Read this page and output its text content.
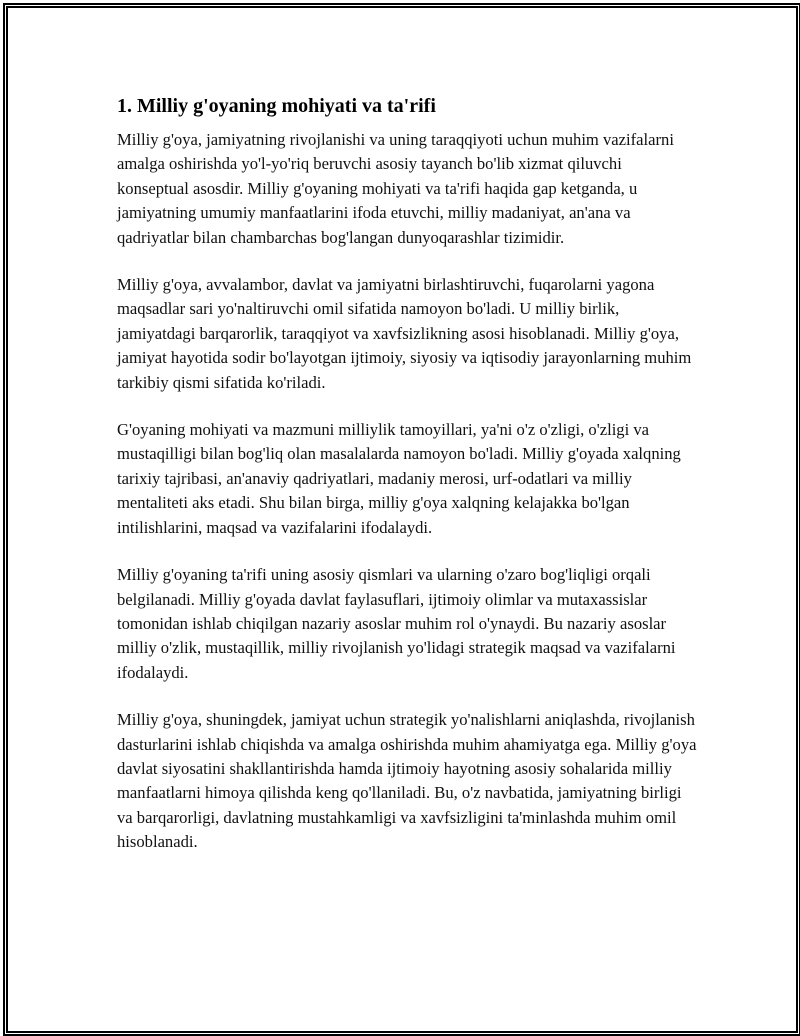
1. Milliy g'oyaning mohiyati va ta'rifi

Milliy g'oya, jamiyatning rivojlanishi va uning taraqqiyoti uchun muhim vazifalarni amalga oshirishda yo'l-yo'riq beruvchi asosiy tayanch bo'lib xizmat qiluvchi konseptual asosdir. Milliy g'oyaning mohiyati va ta'rifi haqida gap ketganda, u jamiyatning umumiy manfaatlarini ifoda etuvchi, milliy madaniyat, an'ana va qadriyatlar bilan chambarchas bog'langan dunyoqarashlar tizimidir.

Milliy g'oya, avvalambor, davlat va jamiyatni birlashtiruvchi, fuqarolarni yagona maqsadlar sari yo'naltiruvchi omil sifatida namoyon bo'ladi. U milliy birlik, jamiyatdagi barqarorlik, taraqqiyot va xavfsizlikning asosi hisoblanadi. Milliy g'oya, jamiyat hayotida sodir bo'layotgan ijtimoiy, siyosiy va iqtisodiy jarayonlarning muhim tarkibiy qismi sifatida ko'riladi.

G'oyaning mohiyati va mazmuni milliylik tamoyillari, ya'ni o'z o'zligi, o'zligi va mustaqilligi bilan bog'liq olan masalalarda namoyon bo'ladi. Milliy g'oyada xalqning tarixiy tajribasi, an'anaviy qadriyatlari, madaniy merosi, urf-odatlari va milliy mentaliteti aks etadi. Shu bilan birga, milliy g'oya xalqning kelajakka bo'lgan intilishlarini, maqsad va vazifalarini ifodalaydi.

Milliy g'oyaning ta'rifi uning asosiy qismlari va ularning o'zaro bog'liqligi orqali belgilanadi. Milliy g'oyada davlat faylasuflari, ijtimoiy olimlar va mutaxassislar tomonidan ishlab chiqilgan nazariy asoslar muhim rol o'ynaydi. Bu nazariy asoslar milliy o'zlik, mustaqillik, milliy rivojlanish yo'lidagi strategik maqsad va vazifalarni ifodalaydi.

Milliy g'oya, shuningdek, jamiyat uchun strategik yo'nalishlarni aniqlashda, rivojlanish dasturlarini ishlab chiqishda va amalga oshirishda muhim ahamiyatga ega. Milliy g'oya davlat siyosatini shakllantirishda hamda ijtimoiy hayotning asosiy sohalarida milliy manfaatlarni himoya qilishda keng qo'llaniladi. Bu, o'z navbatida, jamiyatning birligi va barqarorligi, davlatning mustahkamligi va xavfsizligini ta'minlashda muhim omil hisoblanadi.
